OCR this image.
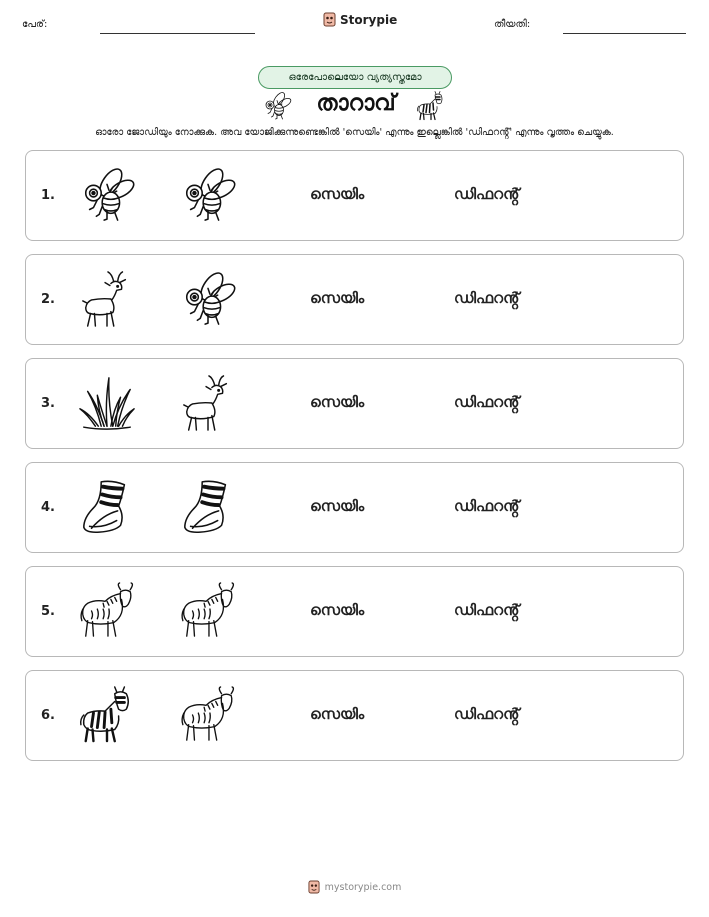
പേര്:	Storypie	തീയതി:
ഒരേപോലെയോ വ്യത്യസ്തമോ
താറാവ്
ഓരോ ജോഡിയും നോക്കുക. അവ യോജിക്കുന്നുണ്ടെങ്കിൽ 'സെയിം' എന്നും ഇല്ലെങ്കിൽ 'ഡിഫറൻ്റ്' എന്നും വൃത്തം ചെയ്യുക.
1.	സെയിം	ഡിഫറൻ്റ്
2.	സെയിം	ഡിഫറൻ്റ്
3.	സെയിം	ഡിഫറൻ്റ്
4.	സെയിം	ഡിഫറൻ്റ്
5.	സെയിം	ഡിഫറൻ്റ്
6.	സെയിം	ഡിഫറൻ്റ്
mystorypie.com
